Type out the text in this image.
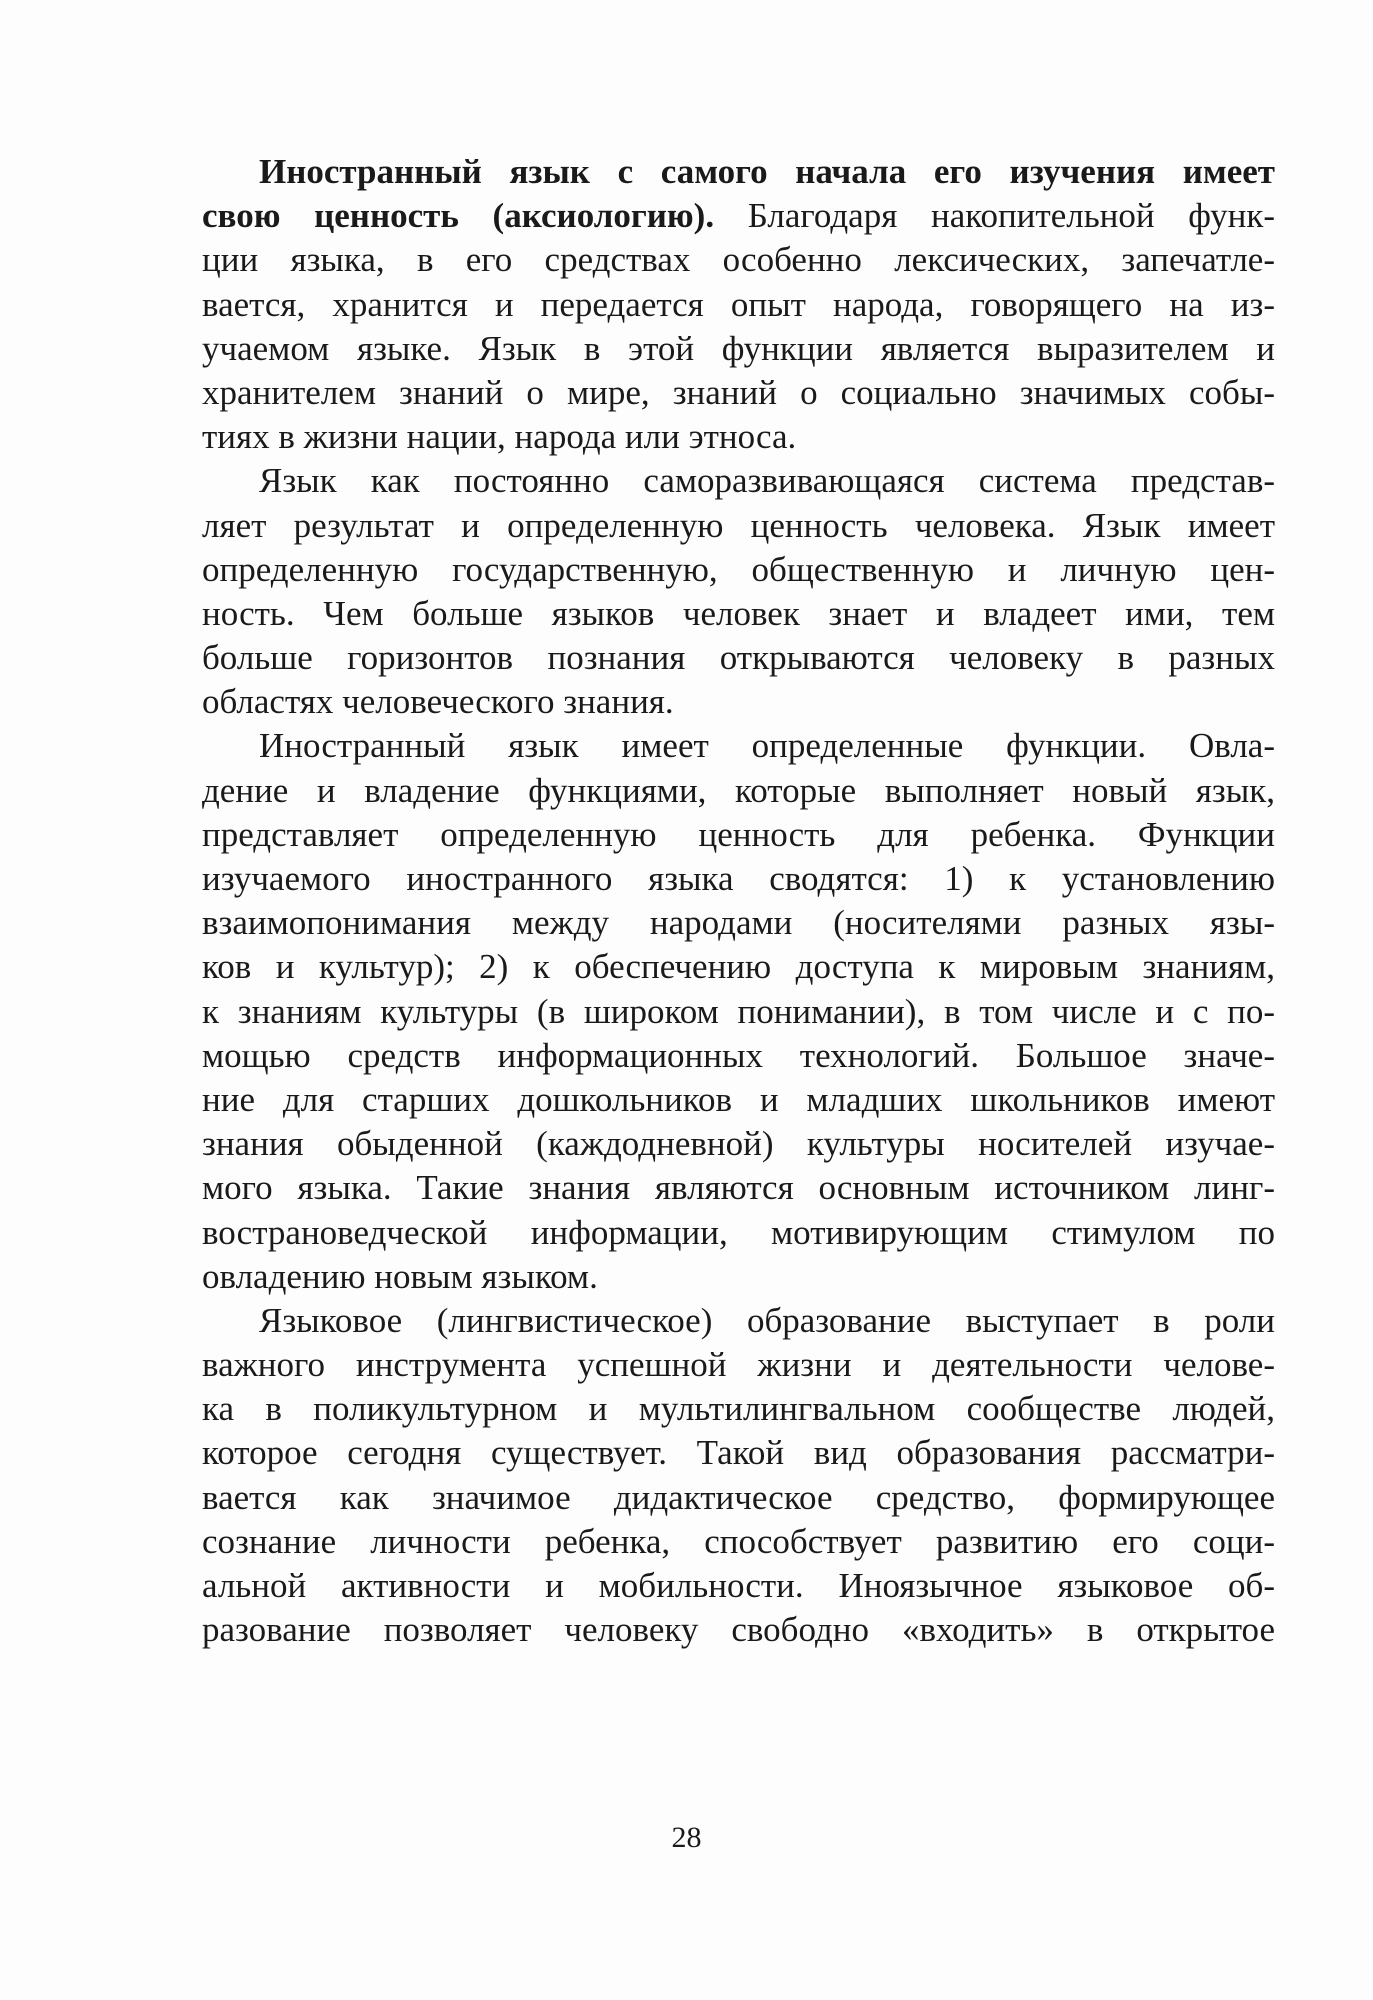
Иностранный язык с самого начала его изучения имеет
свою ценность (аксиологию). Благодаря накопительной функ-
ции языка, в его средствах особенно лексических, запечатле-
вается, хранится и передается опыт народа, говорящего на из-
учаемом языке. Язык в этой функции является выразителем и
хранителем знаний о мире, знаний о социально значимых собы-
тиях в жизни нации, народа или этноса.
Язык как постоянно саморазвивающаяся система представ-
ляет результат и определенную ценность человека. Язык имеет
определенную государственную, общественную и личную цен-
ность. Чем больше языков человек знает и владеет ими, тем
больше горизонтов познания открываются человеку в разных
областях человеческого знания.
Иностранный язык имеет определенные функции. Овла-
дение и владение функциями, которые выполняет новый язык,
представляет определенную ценность для ребенка. Функции
изучаемого иностранного языка сводятся: 1) к установлению
взаимопонимания между народами (носителями разных язы-
ков и культур); 2) к обеспечению доступа к мировым знаниям,
к знаниям культуры (в широком понимании), в том числе и с по-
мощью средств информационных технологий. Большое значе-
ние для старших дошкольников и младших школьников имеют
знания обыденной (каждодневной) культуры носителей изучае-
мого языка. Такие знания являются основным источником линг-
вострановедческой информации, мотивирующим стимулом по
овладению новым языком.
Языковое (лингвистическое) образование выступает в роли
важного инструмента успешной жизни и деятельности челове-
ка в поликультурном и мультилингвальном сообществе людей,
которое сегодня существует. Такой вид образования рассматри-
вается как значимое дидактическое средство, формирующее
сознание личности ребенка, способствует развитию его соци-
альной активности и мобильности. Иноязычное языковое об-
разование позволяет человеку свободно «входить» в открытое
28
